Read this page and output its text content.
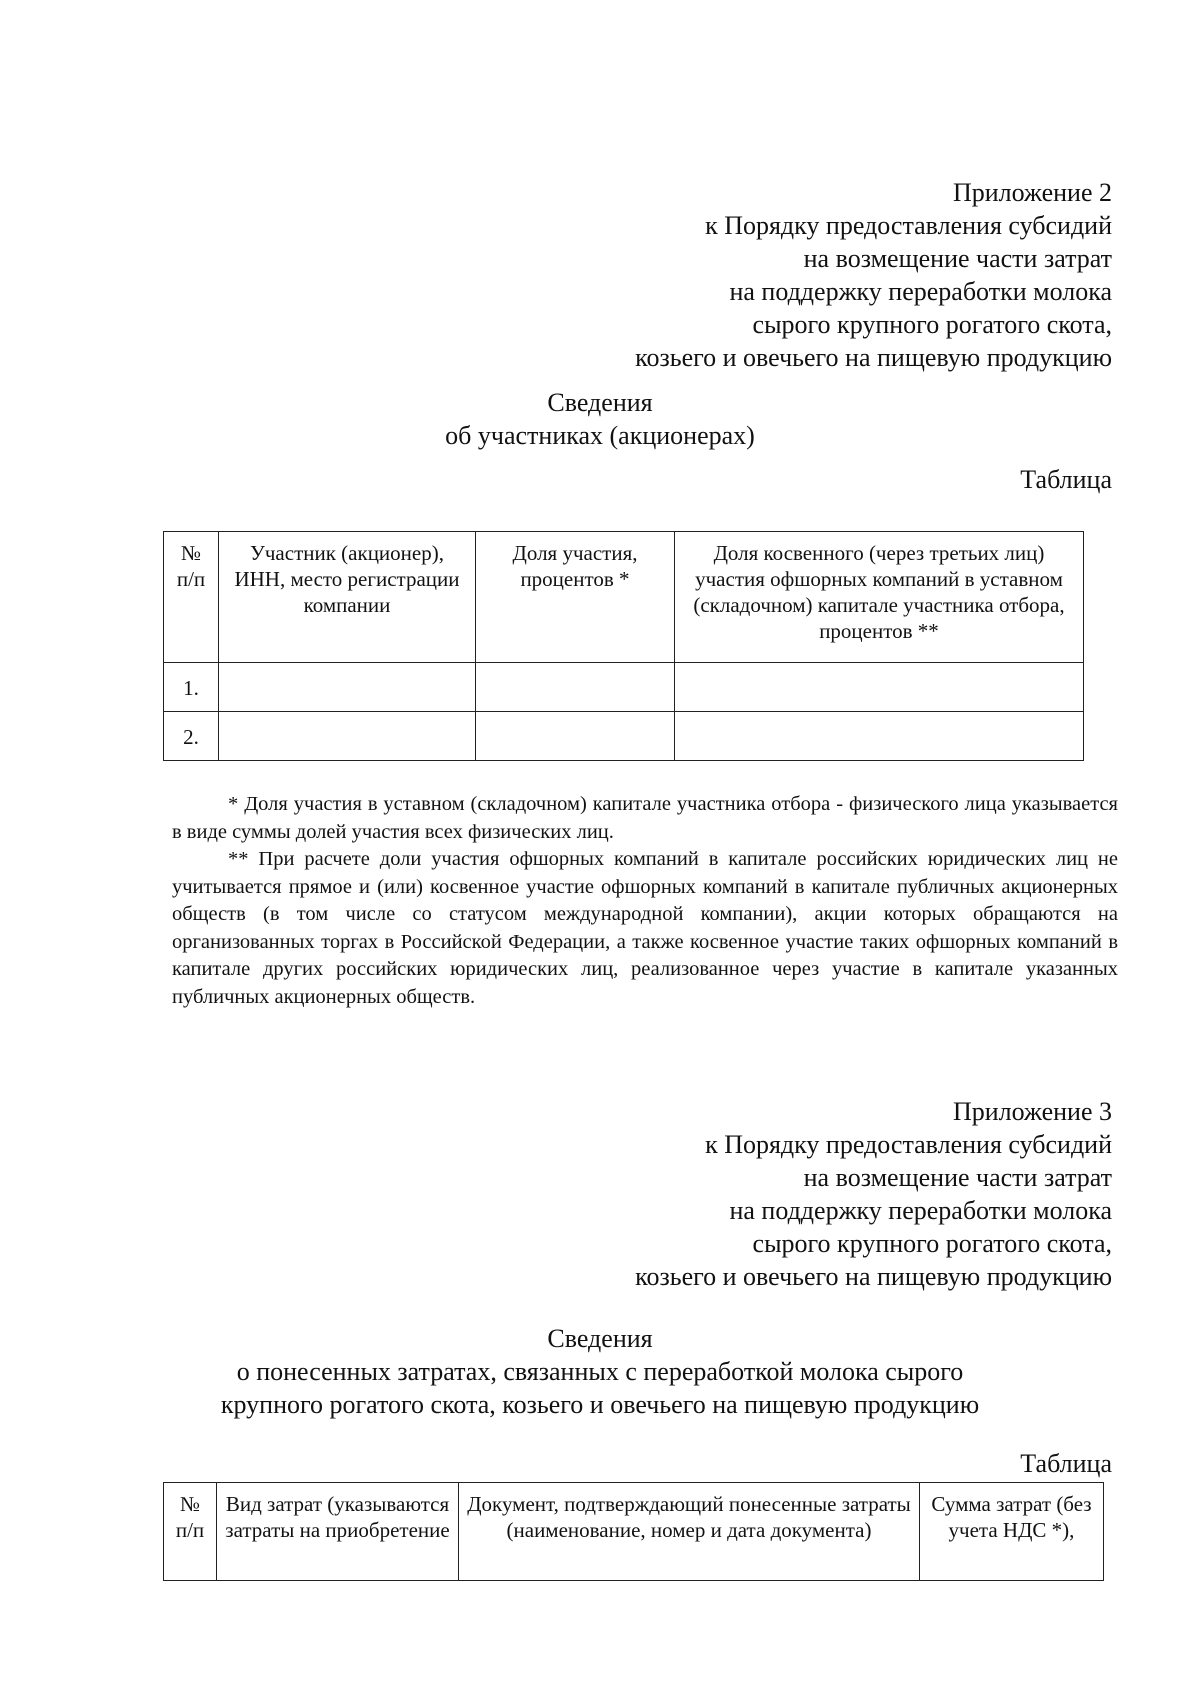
Приложение 2
к Порядку предоставления субсидий
на возмещение части затрат
на поддержку переработки молока
сырого крупного рогатого скота,
козьего и овечьего на пищевую продукцию
Сведения
об участниках (акционерах)
Таблица
№ п/п	Участник (акционер), ИНН, место регистрации компании	Доля участия, процентов *	Доля косвенного (через третьих лиц) участия офшорных компаний в уставном (складочном) капитале участника отбора, процентов **
1.			
2.			

* Доля участия в уставном (складочном) капитале участника отбора - физического лица указывается в виде суммы долей участия всех физических лиц.

** При расчете доли участия офшорных компаний в капитале российских юридических лиц не учитывается прямое и (или) косвенное участие офшорных компаний в капитале публичных акционерных обществ (в том числе со статусом международной компании), акции которых обращаются на организованных торгах в Российской Федерации, а также косвенное участие таких офшорных компаний в капитале других российских юридических лиц, реализованное через участие в капитале указанных публичных акционерных обществ.

Приложение 3
к Порядку предоставления субсидий
на возмещение части затрат
на поддержку переработки молока
сырого крупного рогатого скота,
козьего и овечьего на пищевую продукцию
Сведения
о понесенных затратах, связанных с переработкой молока сырого
крупного рогатого скота, козьего и овечьего на пищевую продукцию
Таблица
№ п/п	Вид затрат (указываются затраты на приобретение	Документ, подтверждающий понесенные затраты (наименование, номер и дата документа)	Сумма затрат (без учета НДС *),
